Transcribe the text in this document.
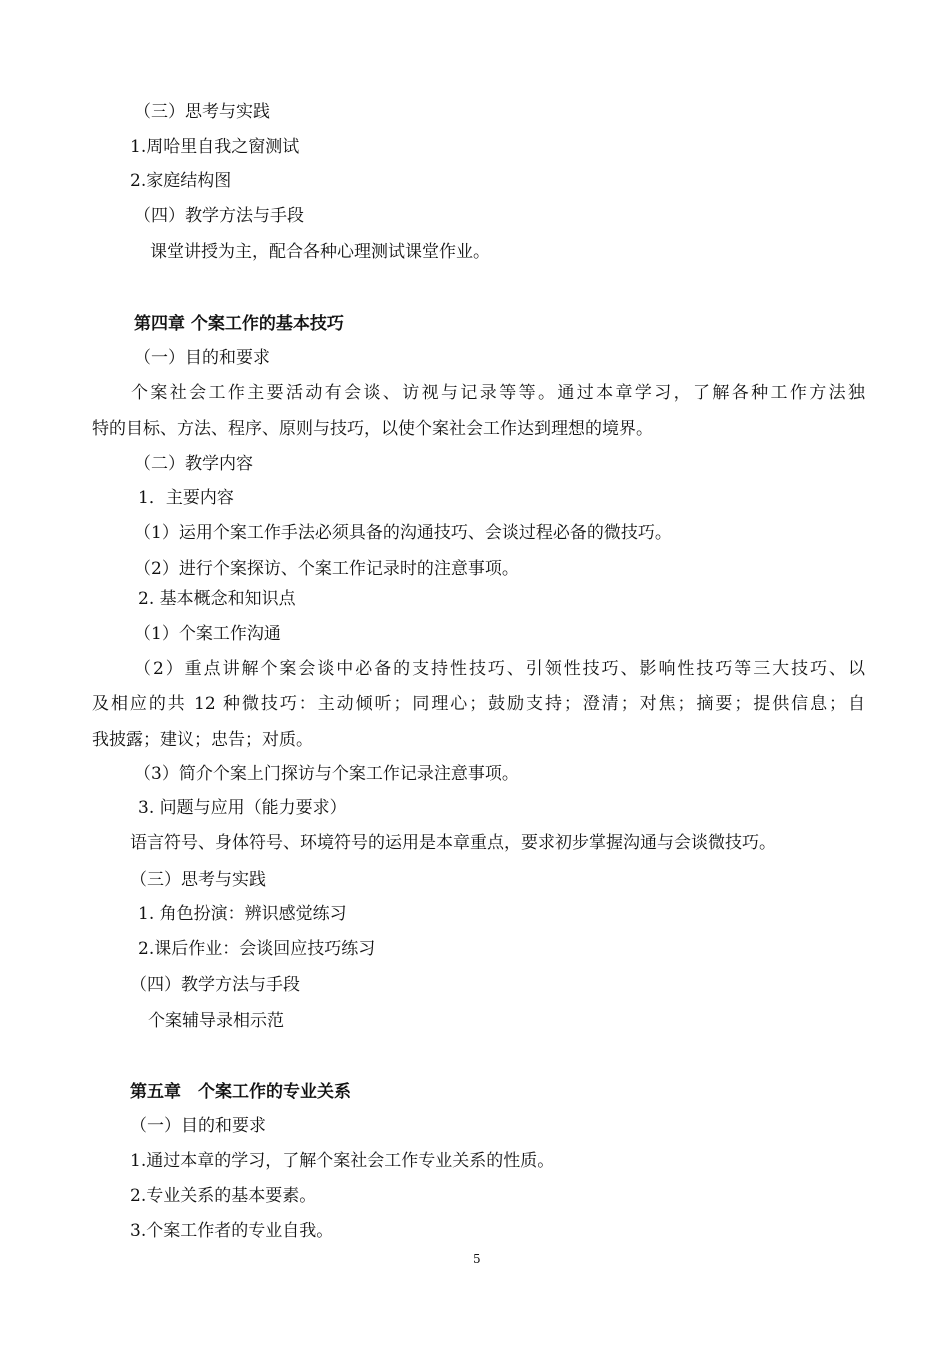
（三）思考与实践
1.周哈里自我之窗测试
2.家庭结构图
（四）教学方法与手段
课堂讲授为主，配合各种心理测试课堂作业。
第四章 个案工作的基本技巧
（一）目的和要求
个案社会工作主要活动有会谈、访视与记录等等。通过本章学习，了解各种工作方法独
特的目标、方法、程序、原则与技巧，以使个案社会工作达到理想的境界。
（二）教学内容
1．主要内容
（1）运用个案工作手法必须具备的沟通技巧、会谈过程必备的微技巧。
（2）进行个案探访、个案工作记录时的注意事项。
2. 基本概念和知识点
（1）个案工作沟通
（2）重点讲解个案会谈中必备的支持性技巧、引领性技巧、影响性技巧等三大技巧、以
及相应的共 12 种微技巧：主动倾听；同理心；鼓励支持；澄清；对焦；摘要；提供信息；自
我披露；建议；忠告；对质。
（3）简介个案上门探访与个案工作记录注意事项。
3. 问题与应用（能力要求）
语言符号、身体符号、环境符号的运用是本章重点，要求初步掌握沟通与会谈微技巧。
（三）思考与实践
1. 角色扮演：辨识感觉练习
2.课后作业：会谈回应技巧练习
（四）教学方法与手段
个案辅导录相示范
第五章　个案工作的专业关系
（一）目的和要求
1.通过本章的学习，了解个案社会工作专业关系的性质。
2.专业关系的基本要素。
3.个案工作者的专业自我。
5
